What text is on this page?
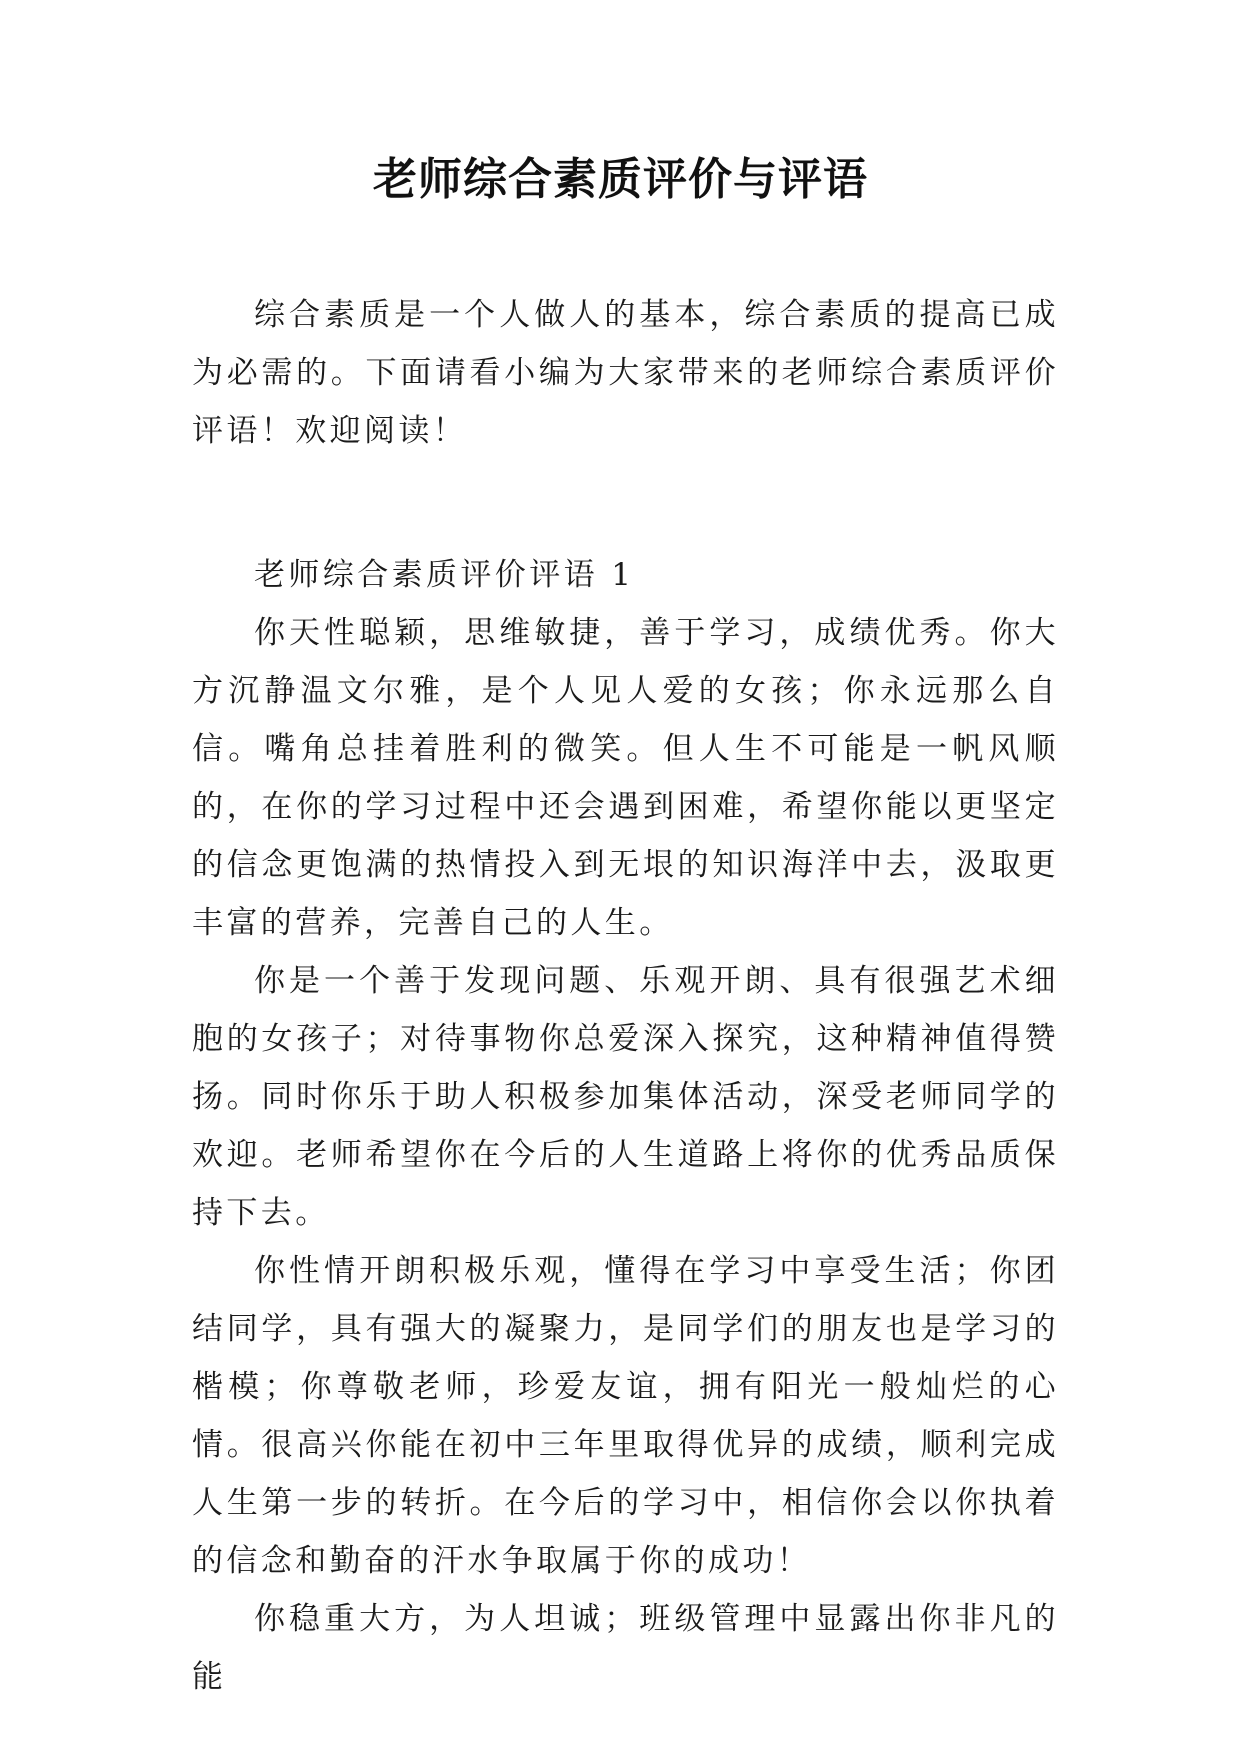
老师综合素质评价与评语

综合素质是一个人做人的基本，综合素质的提高已成为必需的。下面请看小编为大家带来的老师综合素质评价评语！欢迎阅读！

老师综合素质评价评语 1

你天性聪颖，思维敏捷，善于学习，成绩优秀。你大方沉静温文尔雅，是个人见人爱的女孩；你永远那么自信。嘴角总挂着胜利的微笑。但人生不可能是一帆风顺的，在你的学习过程中还会遇到困难，希望你能以更坚定的信念更饱满的热情投入到无垠的知识海洋中去，汲取更丰富的营养，完善自己的人生。

你是一个善于发现问题、乐观开朗、具有很强艺术细胞的女孩子；对待事物你总爱深入探究，这种精神值得赞扬。同时你乐于助人积极参加集体活动，深受老师同学的欢迎。老师希望你在今后的人生道路上将你的优秀品质保持下去。

你性情开朗积极乐观，懂得在学习中享受生活；你团结同学，具有强大的凝聚力，是同学们的朋友也是学习的楷模；你尊敬老师，珍爱友谊，拥有阳光一般灿烂的心情。很高兴你能在初中三年里取得优异的成绩，顺利完成人生第一步的转折。在今后的学习中，相信你会以你执着的信念和勤奋的汗水争取属于你的成功！

你稳重大方，为人坦诚；班级管理中显露出你非凡的能
